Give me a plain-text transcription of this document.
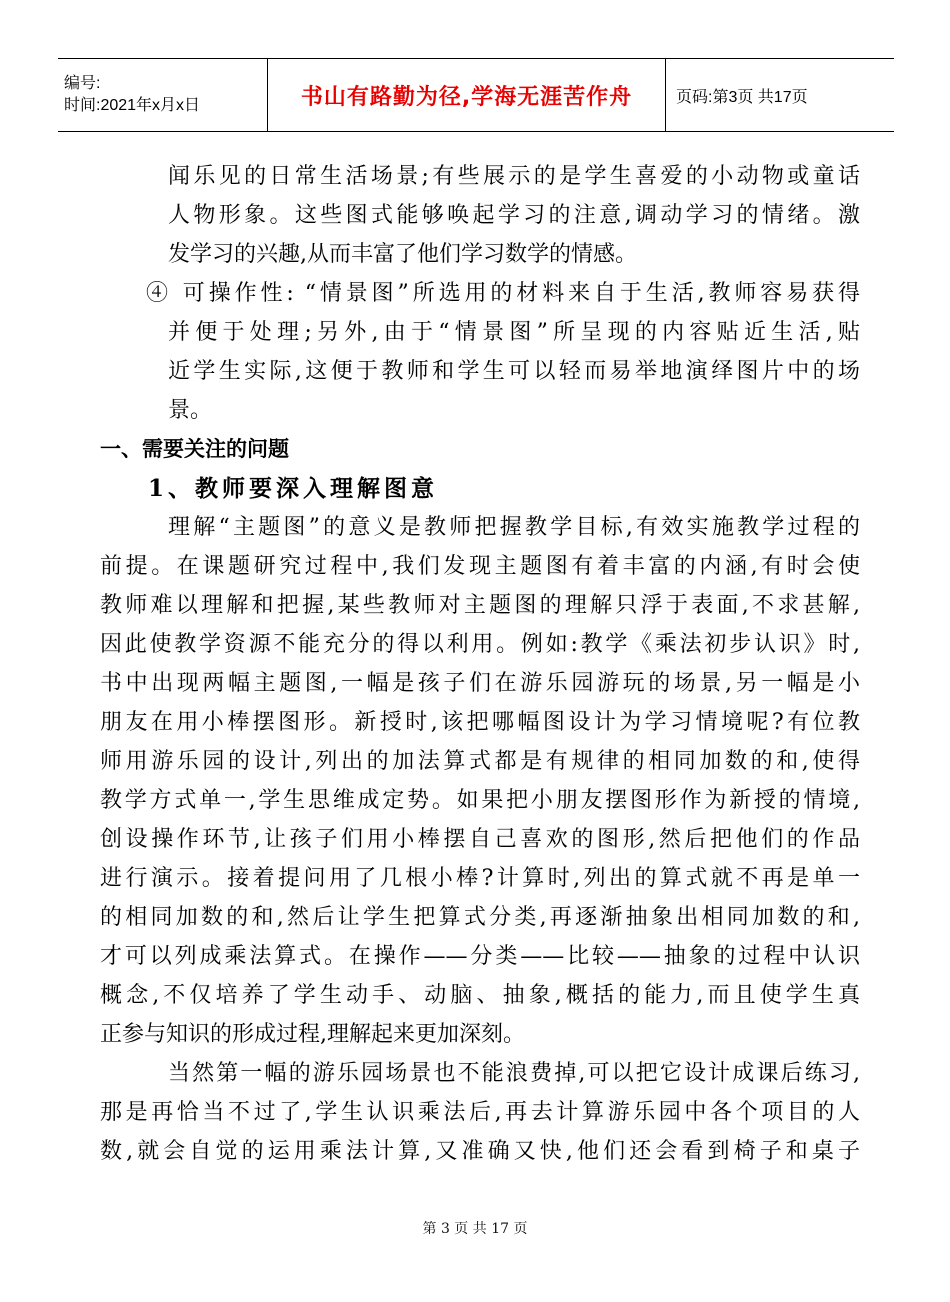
编号:
时间:2021年x月x日	书山有路勤为径,学海无涯苦作舟	页码:第3页 共17页
闻乐见的日常生活场景;有些展示的是学生喜爱的小动物或童话
人物形象。这些图式能够唤起学习的注意,调动学习的情绪。激
发学习的兴趣,从而丰富了他们学习数学的情感。
④ 可操作性: “情景图”所选用的材料来自于生活,教师容易获得
并便于处理;另外,由于“情景图”所呈现的内容贴近生活,贴
近学生实际,这便于教师和学生可以轻而易举地演绎图片中的场
景。
一、需要关注的问题
1、教师要深入理解图意
理解“主题图”的意义是教师把握教学目标,有效实施教学过程的
前提。在课题研究过程中,我们发现主题图有着丰富的内涵,有时会使
教师难以理解和把握,某些教师对主题图的理解只浮于表面,不求甚解,
因此使教学资源不能充分的得以利用。例如:教学《乘法初步认识》时,
书中出现两幅主题图,一幅是孩子们在游乐园游玩的场景,另一幅是小
朋友在用小棒摆图形。新授时,该把哪幅图设计为学习情境呢?有位教
师用游乐园的设计,列出的加法算式都是有规律的相同加数的和,使得
教学方式单一,学生思维成定势。如果把小朋友摆图形作为新授的情境,
创设操作环节,让孩子们用小棒摆自己喜欢的图形,然后把他们的作品
进行演示。接着提问用了几根小棒?计算时,列出的算式就不再是单一
的相同加数的和,然后让学生把算式分类,再逐渐抽象出相同加数的和,
才可以列成乘法算式。在操作——分类——比较——抽象的过程中认识
概念,不仅培养了学生动手、动脑、抽象,概括的能力,而且使学生真
正参与知识的形成过程,理解起来更加深刻。
当然第一幅的游乐园场景也不能浪费掉,可以把它设计成课后练习,
那是再恰当不过了,学生认识乘法后,再去计算游乐园中各个项目的人
数,就会自觉的运用乘法计算,又准确又快,他们还会看到椅子和桌子
第 3 页 共 17 页
